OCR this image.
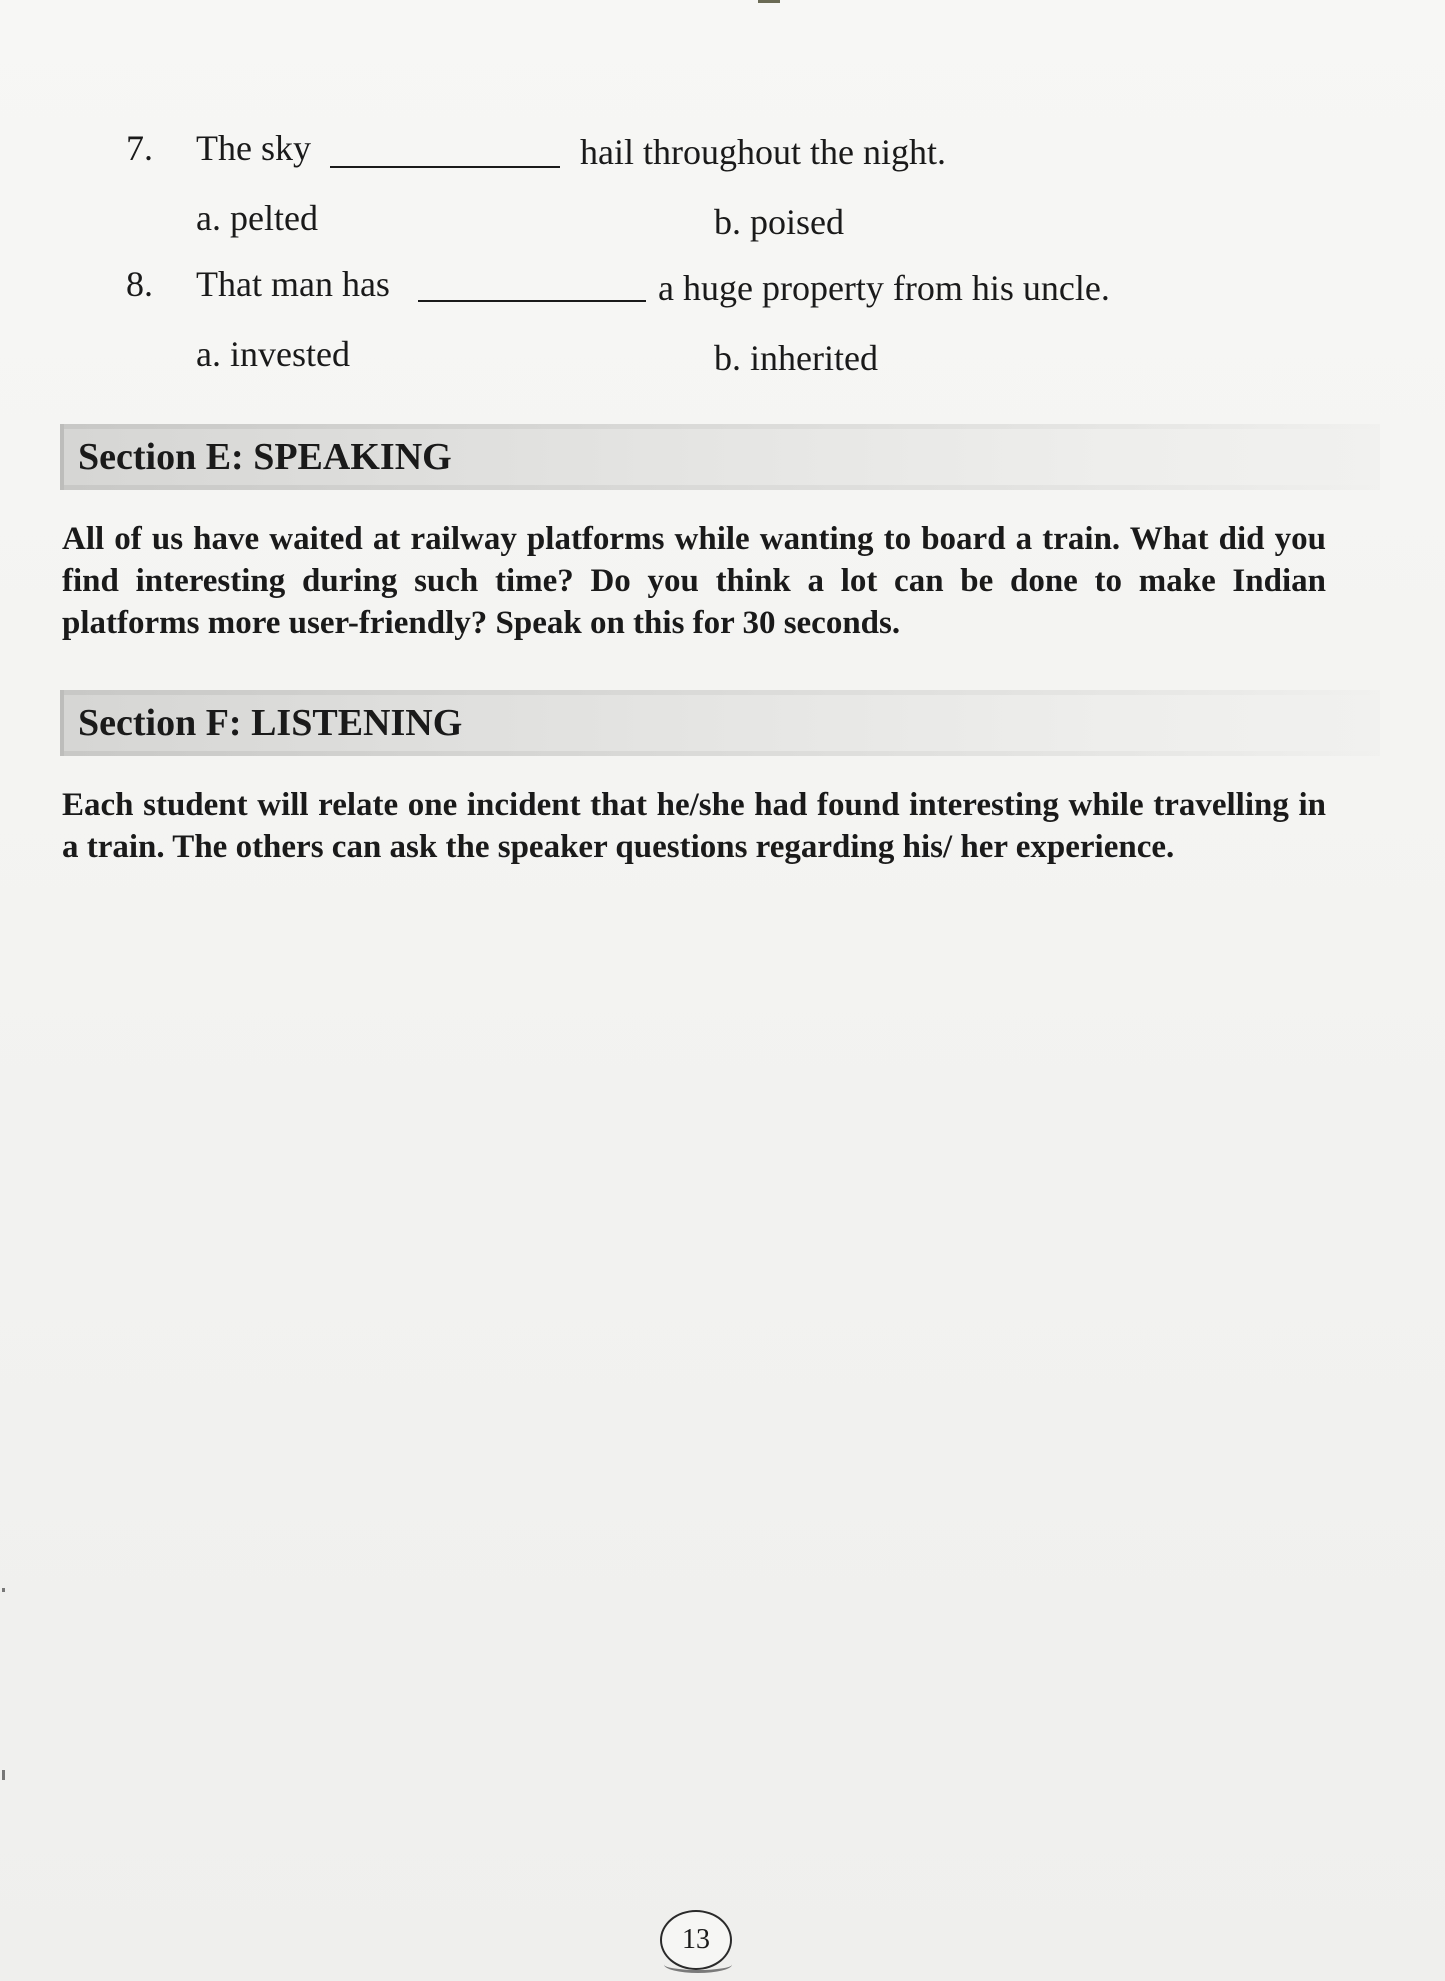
7. The sky	hail throughout the night.
a. pelted	b. poised
8. That man has	a huge property from his uncle.
a. invested	b. inherited
Section E: SPEAKING
All of us have waited at railway platforms while wanting to board a train. What did you find interesting during such time? Do you think a lot can be done to make Indian platforms more user-friendly? Speak on this for 30 seconds.
Section F: LISTENING
Each student will relate one incident that he/she had found interesting while travelling in a train. The others can ask the speaker questions regarding his/ her experience.
13
